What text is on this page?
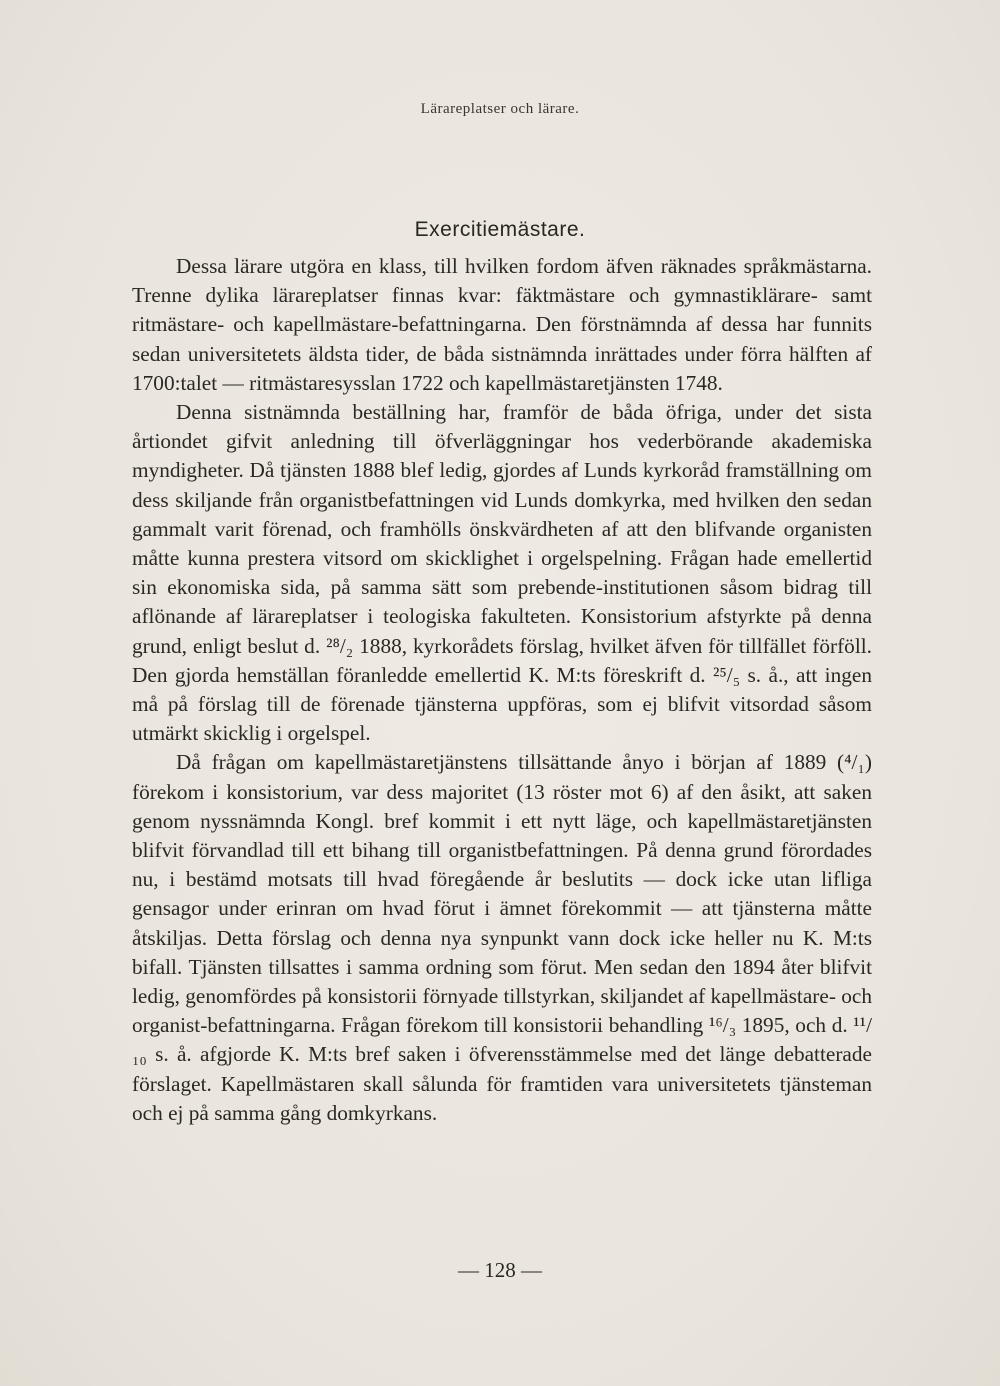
Lärareplatser och lärare.
Exercitiemästare.

Dessa lärare utgöra en klass, till hvilken fordom äfven räknades språkmästarna. Trenne dylika lärareplatser finnas kvar: fäktmästare och gymnastiklärare- samt ritmästare- och kapellmästare-befattningarna. Den förstnämnda af dessa har funnits sedan universitetets äldsta tider, de båda sistnämnda inrättades under förra hälften af 1700:talet — ritmästaresysslan 1722 och kapellmästaretjänsten 1748.

Denna sistnämnda beställning har, framför de båda öfriga, under det sista årtiondet gifvit anledning till öfverläggningar hos vederbörande akademiska myndigheter. Då tjänsten 1888 blef ledig, gjordes af Lunds kyrkoråd framställning om dess skiljande från organistbefattningen vid Lunds domkyrka, med hvilken den sedan gammalt varit förenad, och framhölls önskvärdheten af att den blifvande organisten måtte kunna prestera vitsord om skicklighet i orgelspelning. Frågan hade emellertid sin ekonomiska sida, på samma sätt som prebende-institutionen såsom bidrag till aflönande af lärareplatser i teologiska fakulteten. Konsistorium afstyrkte på denna grund, enligt beslut d. ²⁸/₂ 1888, kyrkorådets förslag, hvilket äfven för tillfället förföll. Den gjorda hemställan föranledde emellertid K. M:ts föreskrift d. ²⁵/₅ s. å., att ingen må på förslag till de förenade tjänsterna uppföras, som ej blifvit vitsordad såsom utmärkt skicklig i orgelspel.

Då frågan om kapellmästaretjänstens tillsättande ånyo i början af 1889 (⁴/₁) förekom i konsistorium, var dess majoritet (13 röster mot 6) af den åsikt, att saken genom nyssnämnda Kongl. bref kommit i ett nytt läge, och kapellmästaretjänsten blifvit förvandlad till ett bihang till organistbefattningen. På denna grund förordades nu, i bestämd motsats till hvad föregående år beslutits — dock icke utan lifliga gensagor under erinran om hvad förut i ämnet förekommit — att tjänsterna måtte åtskiljas. Detta förslag och denna nya synpunkt vann dock icke heller nu K. M:ts bifall. Tjänsten tillsattes i samma ordning som förut. Men sedan den 1894 åter blifvit ledig, genomfördes på konsistorii förnyade tillstyrkan, skiljandet af kapellmästare- och organist-befattningarna. Frågan förekom till konsistorii behandling ¹⁶/₃ 1895, och d. ¹¹/₁₀ s. å. afgjorde K. M:ts bref saken i öfverensstämmelse med det länge debatterade förslaget. Kapellmästaren skall sålunda för framtiden vara universitetets tjänsteman och ej på samma gång domkyrkans.

— 128 —
